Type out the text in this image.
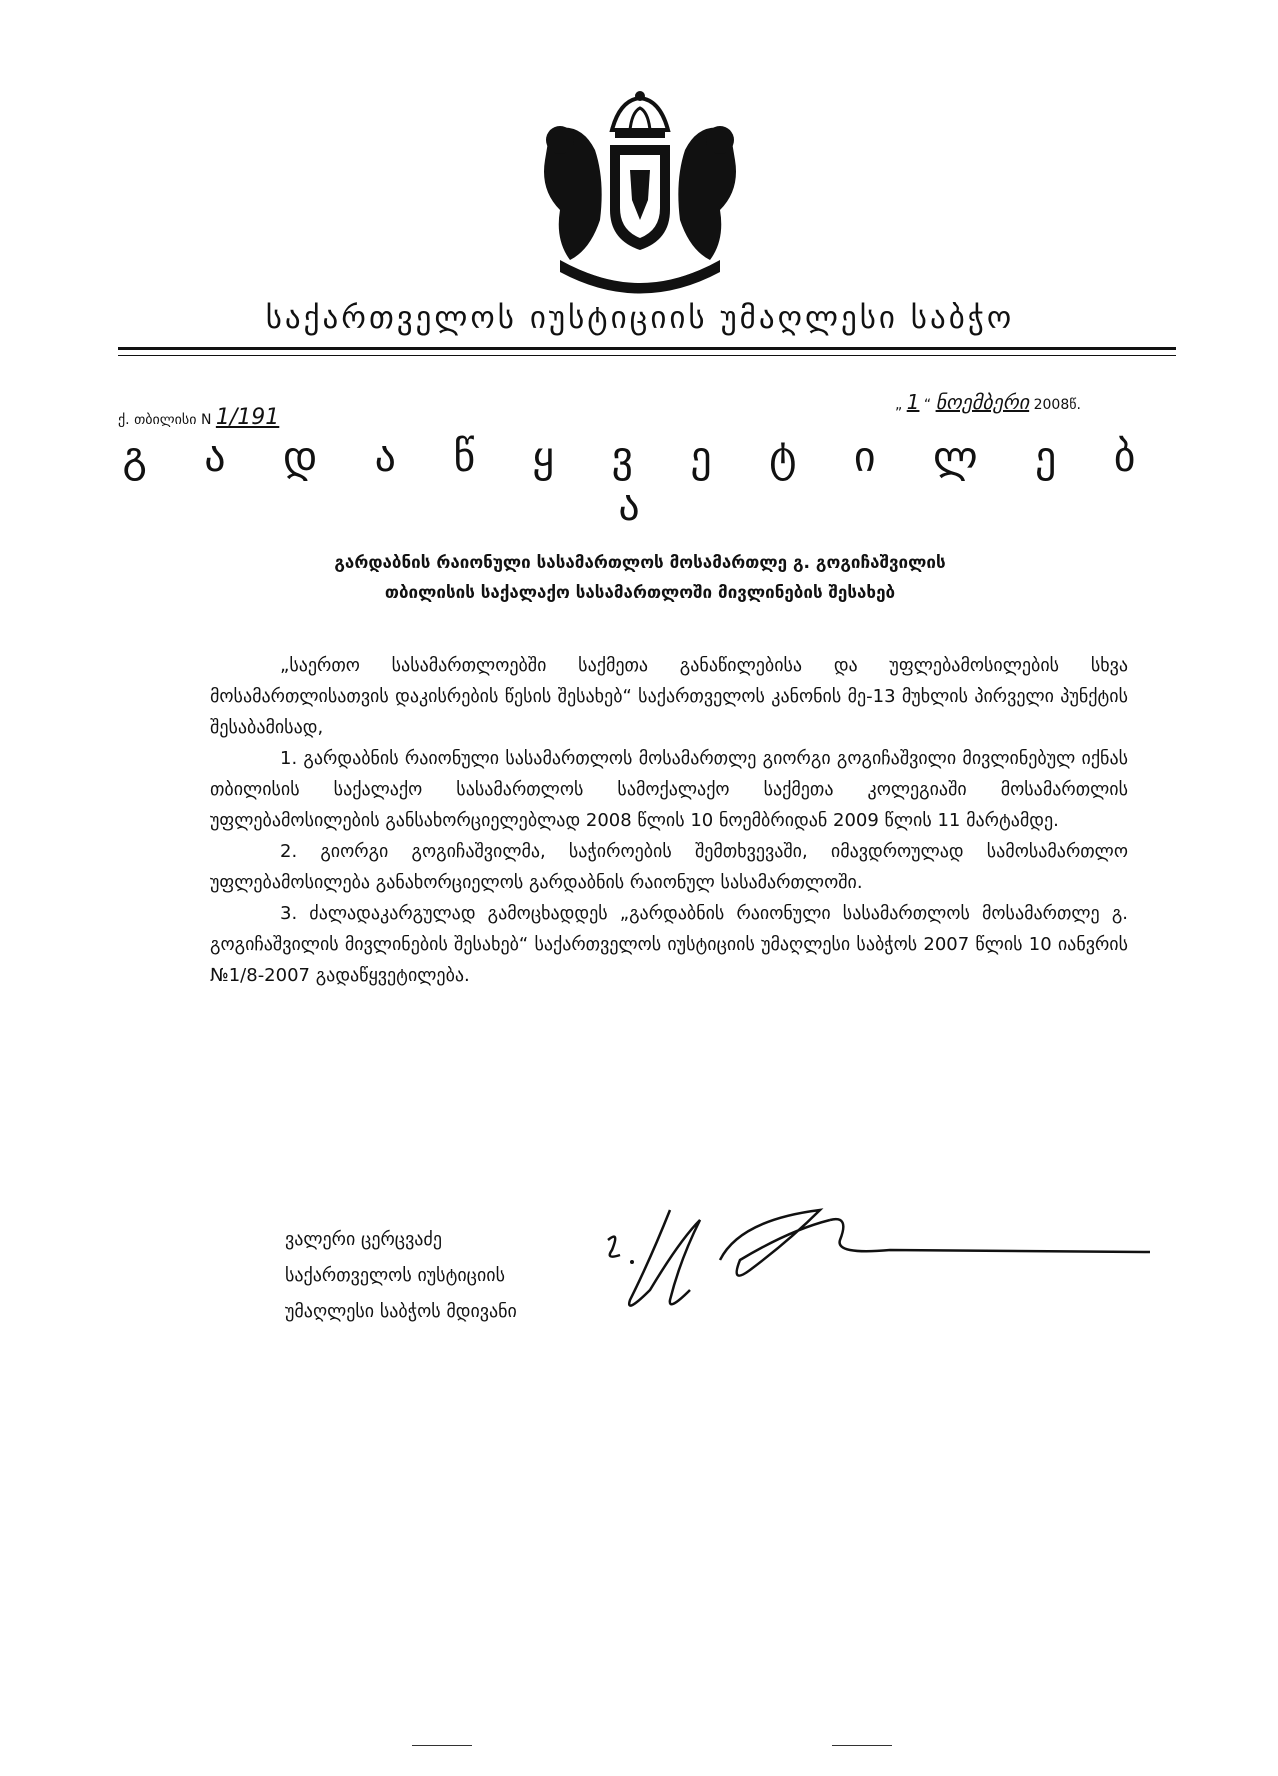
საქართველოს იუსტიციის უმაღლესი საბჭო
ქ. თბილისი N 1/191	„ 1 “ ნოემბერი 2008წ.
გ ა დ ა წ ყ ვ ე ტ ი ლ ე ბ ა
გარდაბნის რაიონული სასამართლოს მოსამართლე გ. გოგიჩაშვილის
თბილისის საქალაქო სასამართლოში მივლინების შესახებ

„საერთო სასამართლოებში საქმეთა განაწილებისა და უფლებამოსილების სხვა მოსამართლისათვის დაკისრების წესის შესახებ“ საქართველოს კანონის მე-13 მუხლის პირველი პუნქტის შესაბამისად,

1. გარდაბნის რაიონული სასამართლოს მოსამართლე გიორგი გოგიჩაშვილი მივლინებულ იქნას თბილისის საქალაქო სასამართლოს სამოქალაქო საქმეთა კოლეგიაში მოსამართლის უფლებამოსილების განსახორციელებლად 2008 წლის 10 ნოემბრიდან 2009 წლის 11 მარტამდე.

2. გიორგი გოგიჩაშვილმა, საჭიროების შემთხვევაში, იმავდროულად სამოსამართლო უფლებამოსილება განახორციელოს გარდაბნის რაიონულ სასამართლოში.

3. ძალადაკარგულად გამოცხადდეს „გარდაბნის რაიონული სასამართლოს მოსამართლე გ. გოგიჩაშვილის მივლინების შესახებ“ საქართველოს იუსტიციის უმაღლესი საბჭოს 2007 წლის 10 იანვრის №1/8-2007 გადაწყვეტილება.

ვალერი ცერცვაძე
საქართველოს იუსტიციის
უმაღლესი საბჭოს მდივანი
